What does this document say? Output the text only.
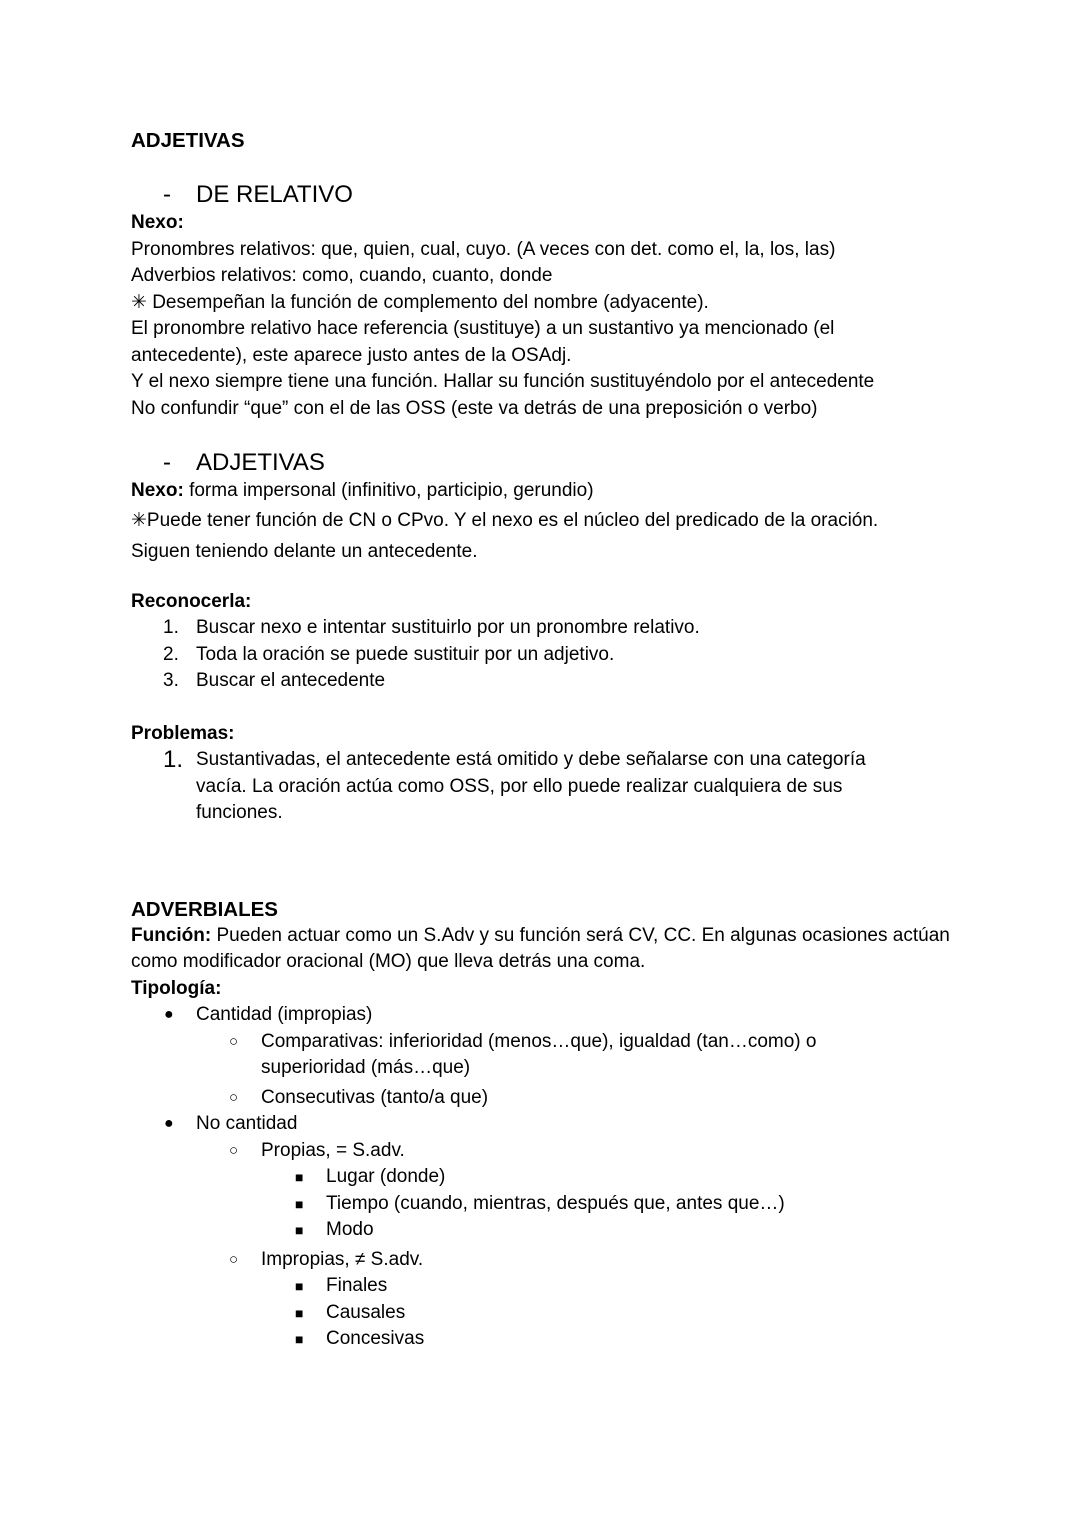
ADJETIVAS

- DE RELATIVO

Nexo:

Pronombres relativos: que, quien, cual, cuyo. (A veces con det. como el, la, los, las)

Adverbios relativos: como, cuando, cuanto, donde

✳ Desempeñan la función de complemento del nombre (adyacente).

El pronombre relativo hace referencia (sustituye) a un sustantivo ya mencionado (el antecedente), este aparece justo antes de la OSAdj.

Y el nexo siempre tiene una función. Hallar su función sustituyéndolo por el antecedente

No confundir “que” con el de las OSS (este va detrás de una preposición o verbo)

- ADJETIVAS

Nexo: forma impersonal (infinitivo, participio, gerundio)

✳Puede tener función de CN o CPvo. Y el nexo es el núcleo del predicado de la oración.

Siguen teniendo delante un antecedente.

Reconocerla:

1. Buscar nexo e intentar sustituirlo por un pronombre relativo.

2. Toda la oración se puede sustituir por un adjetivo.

3. Buscar el antecedente

Problemas:

1. Sustantivadas, el antecedente está omitido y debe señalarse con una categoría vacía. La oración actúa como OSS, por ello puede realizar cualquiera de sus funciones.

ADVERBIALES

Función: Pueden actuar como un S.Adv y su función será CV, CC. En algunas ocasiones actúan como modificador oracional (MO) que lleva detrás una coma.

Tipología:

● Cantidad (impropias)

○ Comparativas: inferioridad (menos…que), igualdad (tan…como) o superioridad (más…que)

○ Consecutivas (tanto/a que)

● No cantidad

○ Propias, = S.adv.

■ Lugar (donde)

■ Tiempo (cuando, mientras, después que, antes que…)

■ Modo

○ Impropias, ≠ S.adv.

■ Finales

■ Causales

■ Concesivas
